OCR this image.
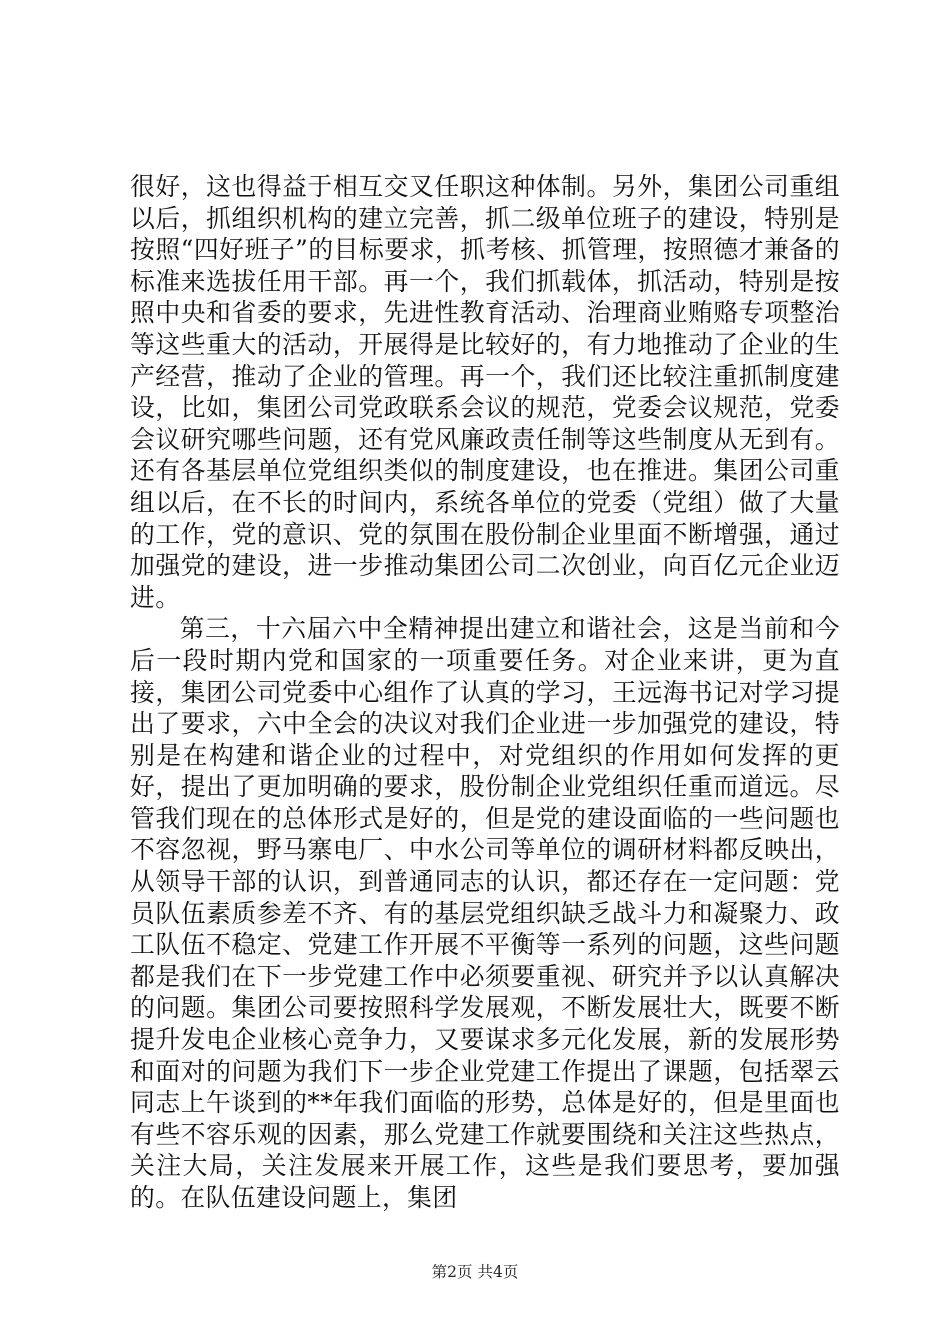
很好，这也得益于相互交叉任职这种体制。另外，集团公司重组以后，抓组织机构的建立完善，抓二级单位班子的建设，特别是按照“四好班子”的目标要求，抓考核、抓管理，按照德才兼备的标准来选拔任用干部。再一个，我们抓载体，抓活动，特别是按照中央和省委的要求，先进性教育活动、治理商业贿赂专项整治等这些重大的活动，开展得是比较好的，有力地推动了企业的生产经营，推动了企业的管理。再一个，我们还比较注重抓制度建设，比如，集团公司党政联系会议的规范，党委会议规范，党委会议研究哪些问题，还有党风廉政责任制等这些制度从无到有。还有各基层单位党组织类似的制度建设，也在推进。集团公司重组以后，在不长的时间内，系统各单位的党委（党组）做了大量的工作，党的意识、党的氛围在股份制企业里面不断增强，通过加强党的建设，进一步推动集团公司二次创业，向百亿元企业迈进。

第三，十六届六中全精神提出建立和谐社会，这是当前和今后一段时期内党和国家的一项重要任务。对企业来讲，更为直接，集团公司党委中心组作了认真的学习，王远海书记对学习提出了要求，六中全会的决议对我们企业进一步加强党的建设，特别是在构建和谐企业的过程中，对党组织的作用如何发挥的更好，提出了更加明确的要求，股份制企业党组织任重而道远。尽管我们现在的总体形式是好的，但是党的建设面临的一些问题也不容忽视，野马寨电厂、中水公司等单位的调研材料都反映出，从领导干部的认识，到普通同志的认识，都还存在一定问题：党员队伍素质参差不齐、有的基层党组织缺乏战斗力和凝聚力、政工队伍不稳定、党建工作开展不平衡等一系列的问题，这些问题都是我们在下一步党建工作中必须要重视、研究并予以认真解决的问题。集团公司要按照科学发展观，不断发展壮大，既要不断提升发电企业核心竞争力，又要谋求多元化发展，新的发展形势和面对的问题为我们下一步企业党建工作提出了课题，包括翠云同志上午谈到的**年我们面临的形势，总体是好的，但是里面也有些不容乐观的因素，那么党建工作就要围绕和关注这些热点，关注大局，关注发展来开展工作，这些是我们要思考，要加强的。在队伍建设问题上，集团

第2页 共4页
